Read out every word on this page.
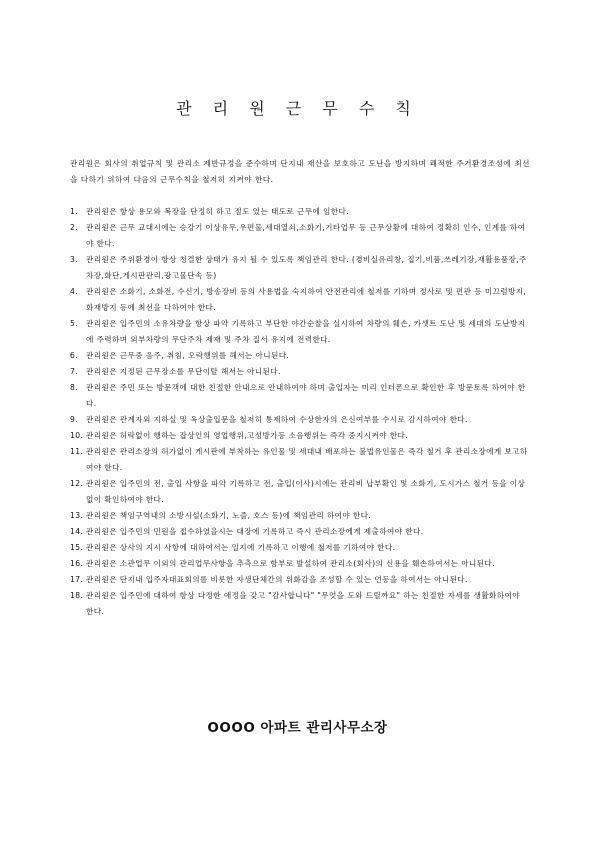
관 리 원 근 무 수 칙
관리원은 회사의 취업규칙 및 관리소 제반규정을 준수하며 단지내 재산을 보호하고 도난을 방지하며 쾌적한 주거환경조성에 최선을 다하기 위하여 다음의 근무수칙을 철저히 지켜야 한다.
1.	관리원은 항상 용모와 복장을 단정히 하고 절도 있는 태도로 근무에 임한다.
2.	관리원은 근무 교대시에는 승강기 이상유무,우편물,세대열쇠,소화기,기타업무 등 근무상황에 대하여 정확히 인수, 인계를 하여야 한다.
3.	관리원은 주위환경이 항상 청결한 상태가 유지 될 수 있도록 책임관리 한다. (경비실유리창, 집기,비품,쓰레기장,재활용품장,주차장,화단,게시판관리,광고물단속 등)
4.	관리원은 소화기, 소화전, 수신기, 방송장비 등의 사용법을 숙지하여 안전관리에 철저를 기하며 정사로 및 편관 등 미끄럼방지, 화재방지 등에 최선을 다하여야 한다.
5.	관리원은 입주민의 소유차량을 항상 파악 기록하고 부단한 야간순찰을 실시하여 차량의 훼손, 카셋트 도난 및 세대의 도난방지에 주력하며 외부차량의 무단주차 제재 및 주차 질서 유지에 전력한다.
6.	관리원은 근무중 음주, 취침, 오락행위를 해서는 아니된다.
7.	관리원은 지정된 근무장소를 무단이탈 해서는 아니된다.
8.	관리원은 주민 또는 방문객에 대한 친절한 안내으로 안내하여야 하며 출입자는 미리 인터폰으로 확인한 후 방문토록 하여야 한다.
9.	관리원은 관계자외 지하실 및 옥상출입문을 철저히 통제하여 수상한자의 은신여부를 수시로 감시하여야 한다.
10. 관리원은 허락없이 행하는 잡상인의 영업행위,고성방가등 소음행위는 즉각 중지시켜야 한다.
11. 관리원은 관리소장의 허가없이 게시판에 부착하는 유인물 및 세대내 배포하는 불법유인물은 즉각 철거 후 관리소장에게 보고하여야 한다.
12. 관리원은 입주민의 전, 출입 사항을 파악 기록하고 전, 출입(이사)시에는 관리비 납부확인 및 소화기, 도시가스 철거 등을 이상 없이 확인하여야 한다.
13. 관리원은 책임구역내의 소방시설(소화기, 노즐, 호스 등)에 책임관리 하여야 한다.
14. 관리원은 입주민의 민원을 접수하였을시는 대장에 기록하고 즉시 관리소장에게 제출하여야 한다.
15. 관리원은 상사의 지시 사항에 대하여서는 일지에 기록하고 이행에 철저를 기하여야 한다.
16. 관리원은 소관업무 이외의 관리업무사항을 추측으로 함부로 발설하여 관리소(회사)의 신용을 훼손하여서는 아니된다.
17. 관리원은 단지내 입주자대표회의를 비롯한 자생단체간의 위화감을 조성할 수 있는 언동을 하여서는 아니된다.
18. 관리원은 입주민에 대하여 항상 다정한 애정을 갖고 "감사합니다" "무엇을 도와 드릴까요" 하는 친절한 자세를 생활화하여야 한다.
OOOO 아파트 관리사무소장
